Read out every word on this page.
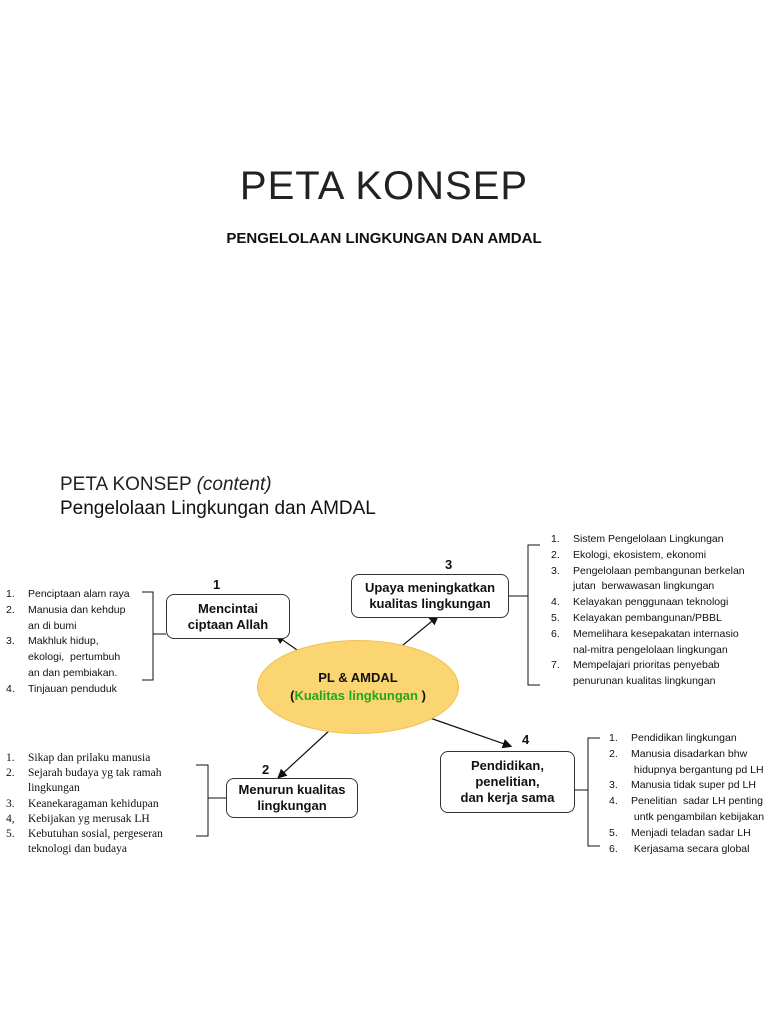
PETA KONSEP
PENGELOLAAN LINGKUNGAN DAN AMDAL
PETA KONSEP (content)
Pengelolaan Lingkungan dan AMDAL
1
Mencintai
ciptaan Allah
3
Upaya meningkatkan
kualitas lingkungan
2
Menurun kualitas
lingkungan
4
Pendidikan,
penelitian,
dan kerja sama
PL & AMDAL
(Kualitas lingkungan )
1. Penciptaan alam raya
2. Manusia dan kehdup
an di bumi
3. Makhluk hidup,
ekologi,  pertumbuh
an dan pembiakan.
4. Tinjauan penduduk
1. Sikap dan prilaku manusia
2. Sejarah budaya yg tak ramah
lingkungan
3. Keanekaragaman kehidupan
4, Kebijakan yg merusak LH
5. Kebutuhan sosial, pergeseran
teknologi dan budaya
1. Sistem Pengelolaan Lingkungan
2. Ekologi, ekosistem, ekonomi
3. Pengelolaan pembangunan berkelan
jutan  berwawasan lingkungan
4. Kelayakan penggunaan teknologi
5. Kelayakan pembangunan/PBBL
6. Memelihara kesepakatan internasio
nal-mitra pengelolaan lingkungan
7. Mempelajari prioritas penyebab
penurunan kualitas lingkungan
1. Pendidikan lingkungan
2. Manusia disadarkan bhw
hidupnya bergantung pd LH
3. Manusia tidak super pd LH
4. Penelitian  sadar LH penting
untk pengambilan kebijakan
5. Menjadi teladan sadar LH
6. Kerjasama secara global
